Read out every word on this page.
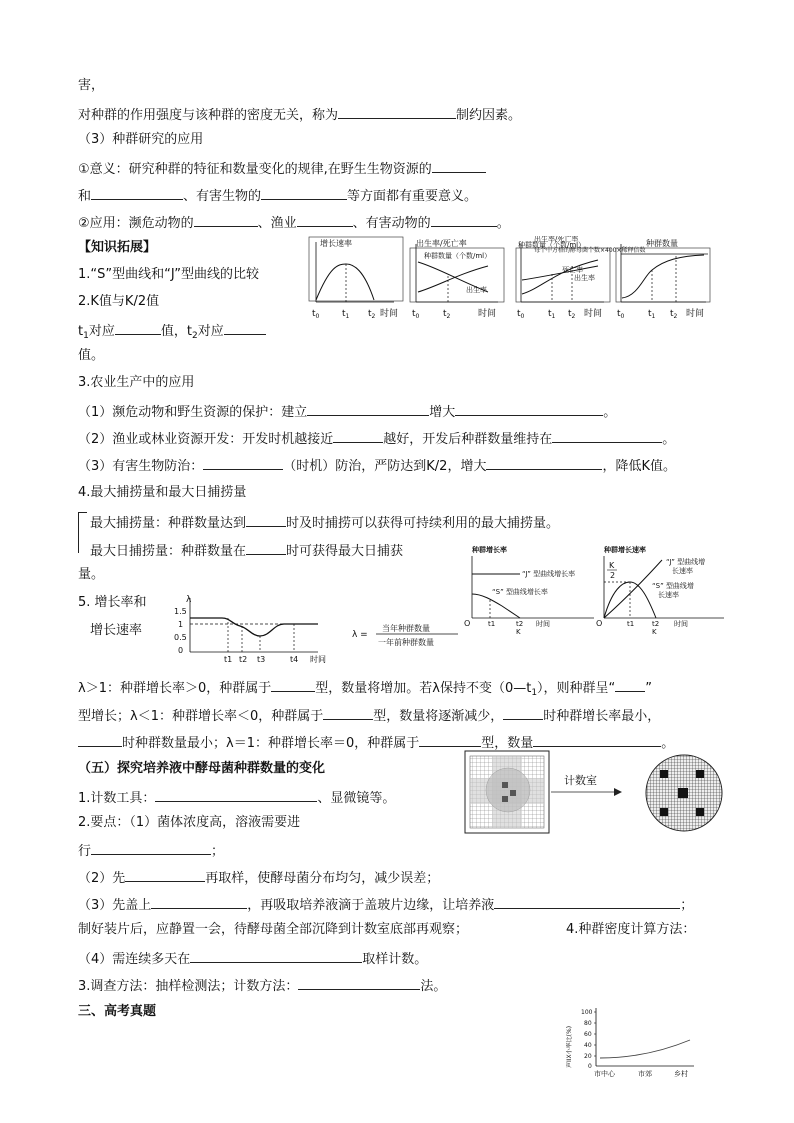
害，
对种群的作用强度与该种群的密度无关，称为	制约因素。
（3）种群研究的应用
①意义：研究种群的特征和数量变化的规律,在野生生物资源的
和	、有害生物的	等方面都有重要意义。
②应用：濒危动物的	、渔业	、有害动物的	。
【知识拓展】
1.“S”型曲线和“J”型曲线的比较
2.K值与K/2值
$t_1$对应	值，$t_2$对应
值。
3.农业生产中的应用
（1）濒危动物和野生资源的保护：建立	增大	。
（2）渔业或林业资源开发：开发时机越接近	越好，开发后种群数量维持在	。
（3）有害生物防治：	（时机）防治，严防达到K/2，增大	，降低K值。
4.最大捕捞量和最大日捕捞量
最大捕捞量：种群数量达到	时及时捕捞可以获得可持续利用的最大捕捞量。
最大日捕捞量：种群数量在	时可获得最大日捕获
量。
5. 增长率和
增长速率
λ＞1：种群增长率＞0，种群属于	型，数量将增加。若λ保持不变$(0—t_1)$，则种群呈“ ”
型增长；λ＜1：种群增长率＜0，种群属于	型，数量将逐渐减少，	时种群增长率最小，
时种群数量最小；λ＝1：种群增长率＝0，种群属于	型，数量	。
（五）探究培养液中酵母菌种群数量的变化
1.计数工具：	、显微镜等。
2.要点：（1）菌体浓度高，溶液需要进
行	；
（2）先	再取样，使酵母菌分布均匀，减少误差；
（3）先盖上	，再吸取培养液滴于盖玻片边缘，让培养液	；
制好装片后，应静置一会，待酵母菌全部沉降到计数室底部再观察；	4.种群密度计算方法：
（4）需连续多天在	取样计数。
3.调查方法：抽样检测法；计数方法：	法。
三、高考真题
增长速率	出生率/死亡率
种群数量（个数/ml）
出生率
出生率/死亡率
种群数量（个数/ml）
每个中方格的酵母菌个数×400×稀释倍数
死亡率
出生率
种群数量
$t_0$	$t_1$ $t_2$ 时间 $t_0$	$t_2$	时间 $t_0$	$t_1$ $t_2$ 时间 $t_0$	$t_1$ $t_2$ 时间
λ
1.5
1
0.5
0
t1 t2 t3	t4 时间
λ =
当年种群数量
一年前种群数量
种群增长率
“J” 型曲线增长率
“S” 型曲线增长率
O	t1	t2
K
时间
种群增长速率
K
2
“J” 型曲线增
长速率
“S” 型曲线增
长速率
O	t1	t2
K
时间
计数室
声IIX小率比(%)
100
80
60
40
20
0
市中心	市郊	乡村
